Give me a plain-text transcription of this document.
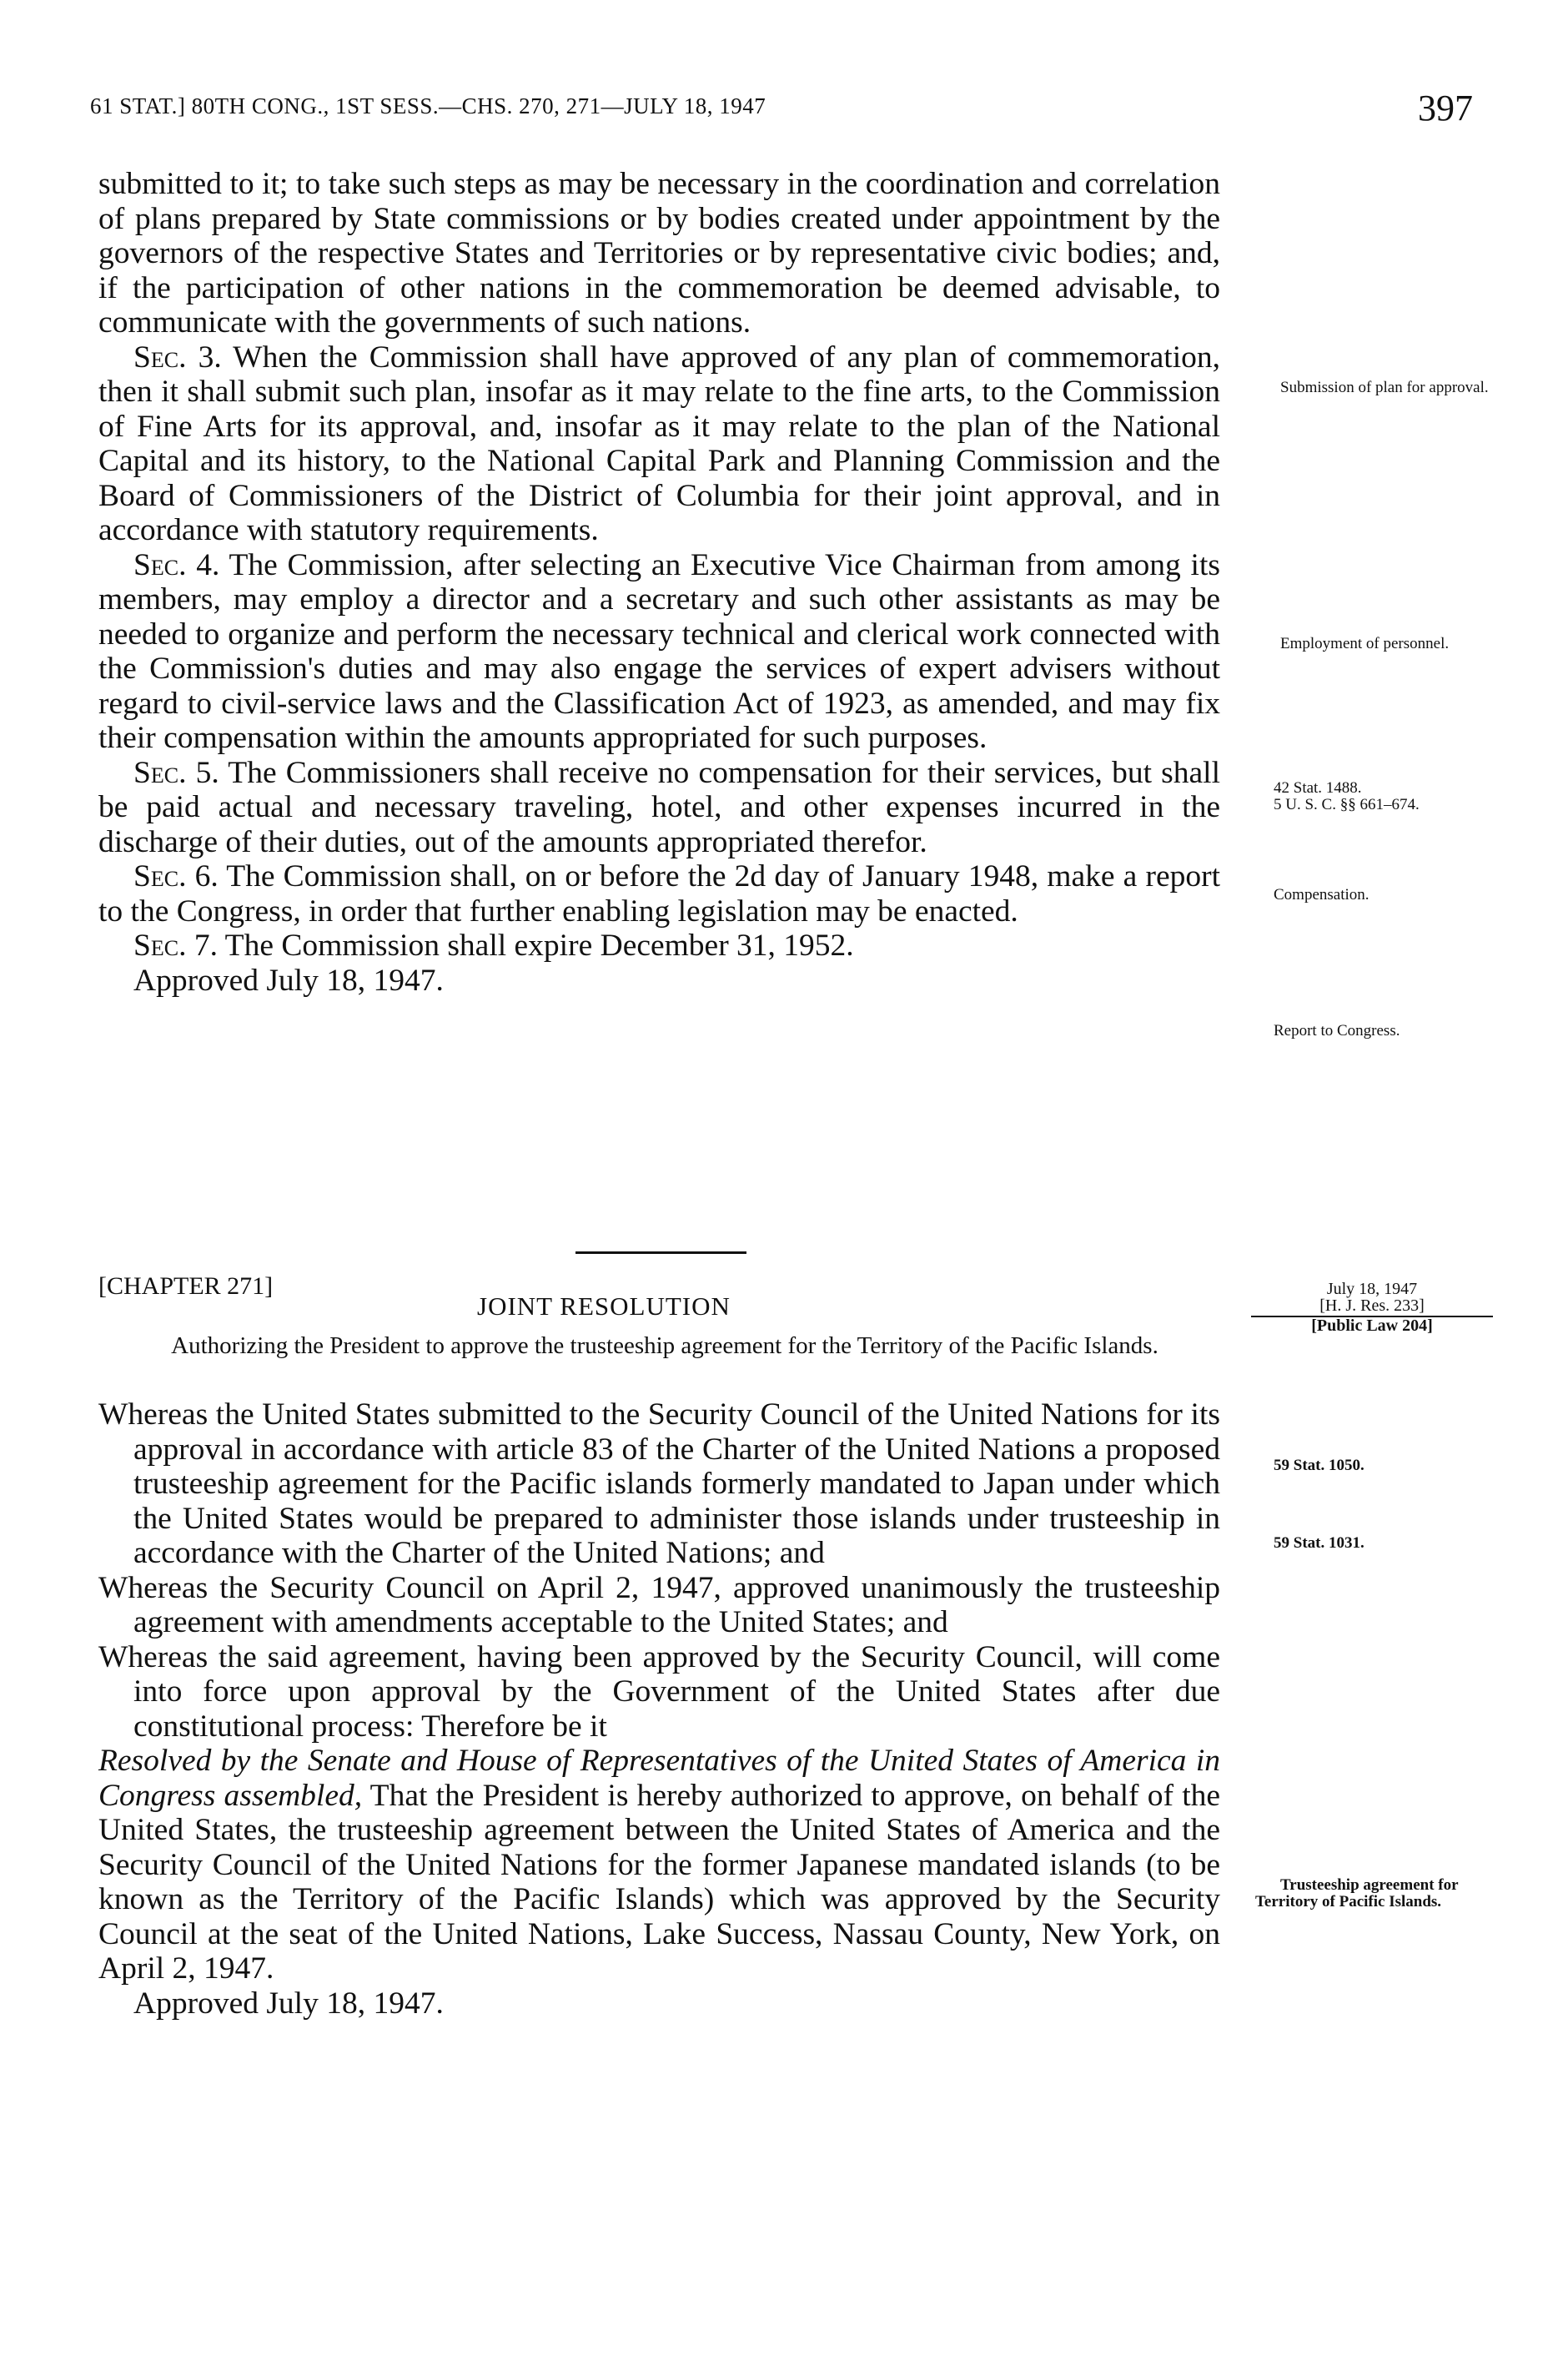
61 STAT.] 80TH CONG., 1ST SESS.—CHS. 270, 271—JULY 18, 1947	397

submitted to it; to take such steps as may be necessary in the coordination and correlation of plans prepared by State commissions or by bodies created under appointment by the governors of the respective States and Territories or by representative civic bodies; and, if the participation of other nations in the commemoration be deemed advisable, to communicate with the governments of such nations.

Sec. 3. When the Commission shall have approved of any plan of commemoration, then it shall submit such plan, insofar as it may relate to the fine arts, to the Commission of Fine Arts for its approval, and, insofar as it may relate to the plan of the National Capital and its history, to the National Capital Park and Planning Commission and the Board of Commissioners of the District of Columbia for their joint approval, and in accordance with statutory requirements.

Sec. 4. The Commission, after selecting an Executive Vice Chairman from among its members, may employ a director and a secretary and such other assistants as may be needed to organize and perform the necessary technical and clerical work connected with the Commission's duties and may also engage the services of expert advisers without regard to civil-service laws and the Classification Act of 1923, as amended, and may fix their compensation within the amounts appropriated for such purposes.

Sec. 5. The Commissioners shall receive no compensation for their services, but shall be paid actual and necessary traveling, hotel, and other expenses incurred in the discharge of their duties, out of the amounts appropriated therefor.

Sec. 6. The Commission shall, on or before the 2d day of January 1948, make a report to the Congress, in order that further enabling legislation may be enacted.

Sec. 7. The Commission shall expire December 31, 1952.

Approved July 18, 1947.

Submission of plan for approval.
Employment of personnel.
42 Stat. 1488.
5 U. S. C. §§ 661–674.
Compensation.
Report to Congress.
[CHAPTER 271]
JOINT RESOLUTION
Authorizing the President to approve the trusteeship agreement for the Territory of the Pacific Islands.
July 18, 1947
[H. J. Res. 233]
[Public Law 204]

Whereas the United States submitted to the Security Council of the United Nations for its approval in accordance with article 83 of the Charter of the United Nations a proposed trusteeship agreement for the Pacific islands formerly mandated to Japan under which the United States would be prepared to administer those islands under trusteeship in accordance with the Charter of the United Nations; and

Whereas the Security Council on April 2, 1947, approved unanimously the trusteeship agreement with amendments acceptable to the United States; and

Whereas the said agreement, having been approved by the Security Council, will come into force upon approval by the Government of the United States after due constitutional process: Therefore be it

Resolved by the Senate and House of Representatives of the United States of America in Congress assembled, That the President is hereby authorized to approve, on behalf of the United States, the trusteeship agreement between the United States of America and the Security Council of the United Nations for the former Japanese mandated islands (to be known as the Territory of the Pacific Islands) which was approved by the Security Council at the seat of the United Nations, Lake Success, Nassau County, New York, on April 2, 1947.

Approved July 18, 1947.

59 Stat. 1050.
59 Stat. 1031.
Trusteeship agreement for Territory of Pacific Islands.
